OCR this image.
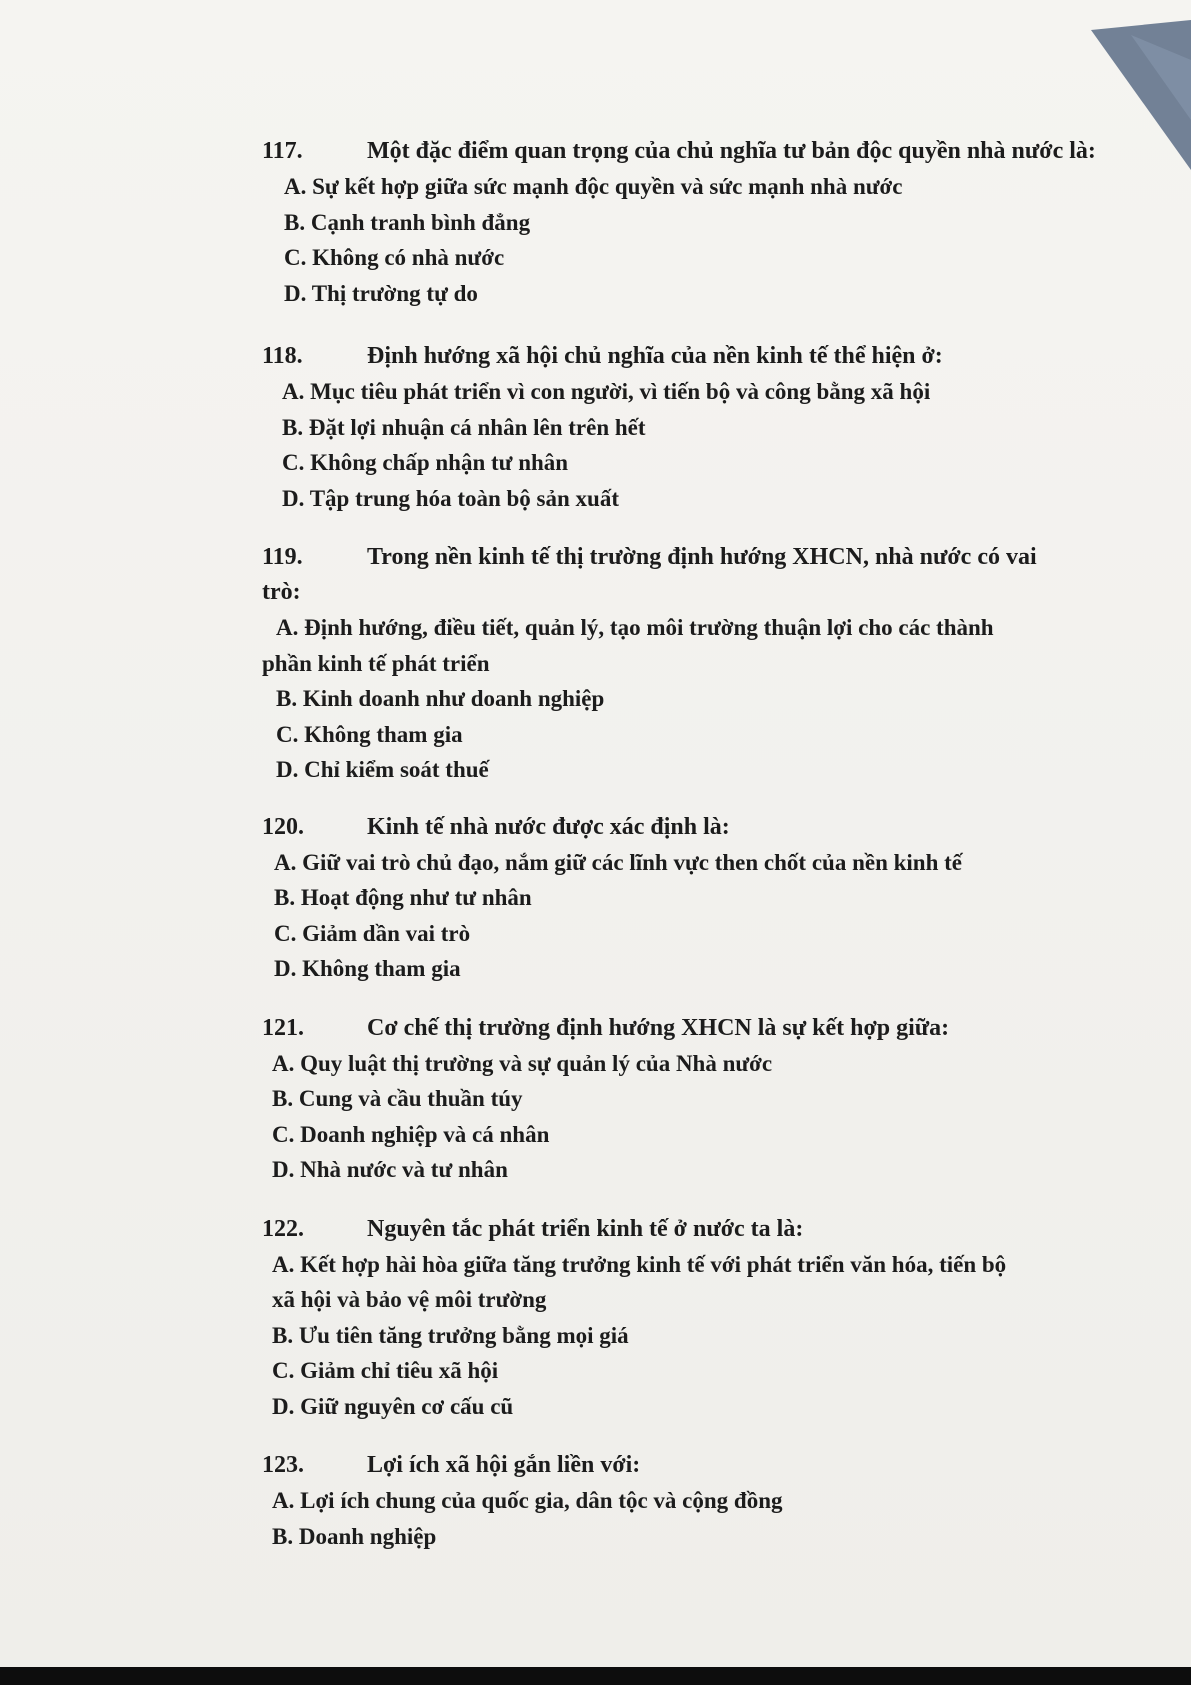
117.	Một đặc điểm quan trọng của chủ nghĩa tư bản độc quyền nhà nước là:
A. Sự kết hợp giữa sức mạnh độc quyền và sức mạnh nhà nước
B. Cạnh tranh bình đẳng
C. Không có nhà nước
D. Thị trường tự do
118.	Định hướng xã hội chủ nghĩa của nền kinh tế thể hiện ở:
A. Mục tiêu phát triển vì con người, vì tiến bộ và công bằng xã hội
B. Đặt lợi nhuận cá nhân lên trên hết
C. Không chấp nhận tư nhân
D. Tập trung hóa toàn bộ sản xuất
119.	Trong nền kinh tế thị trường định hướng XHCN, nhà nước có vai
trò:
A. Định hướng, điều tiết, quản lý, tạo môi trường thuận lợi cho các thành
phần kinh tế phát triển
B. Kinh doanh như doanh nghiệp
C. Không tham gia
D. Chỉ kiểm soát thuế
120.	Kinh tế nhà nước được xác định là:
A. Giữ vai trò chủ đạo, nắm giữ các lĩnh vực then chốt của nền kinh tế
B. Hoạt động như tư nhân
C. Giảm dần vai trò
D. Không tham gia
121.	Cơ chế thị trường định hướng XHCN là sự kết hợp giữa:
A. Quy luật thị trường và sự quản lý của Nhà nước
B. Cung và cầu thuần túy
C. Doanh nghiệp và cá nhân
D. Nhà nước và tư nhân
122.	Nguyên tắc phát triển kinh tế ở nước ta là:
A. Kết hợp hài hòa giữa tăng trưởng kinh tế với phát triển văn hóa, tiến bộ
xã hội và bảo vệ môi trường
B. Ưu tiên tăng trưởng bằng mọi giá
C. Giảm chỉ tiêu xã hội
D. Giữ nguyên cơ cấu cũ
123.	Lợi ích xã hội gắn liền với:
A. Lợi ích chung của quốc gia, dân tộc và cộng đồng
B. Doanh nghiệp
